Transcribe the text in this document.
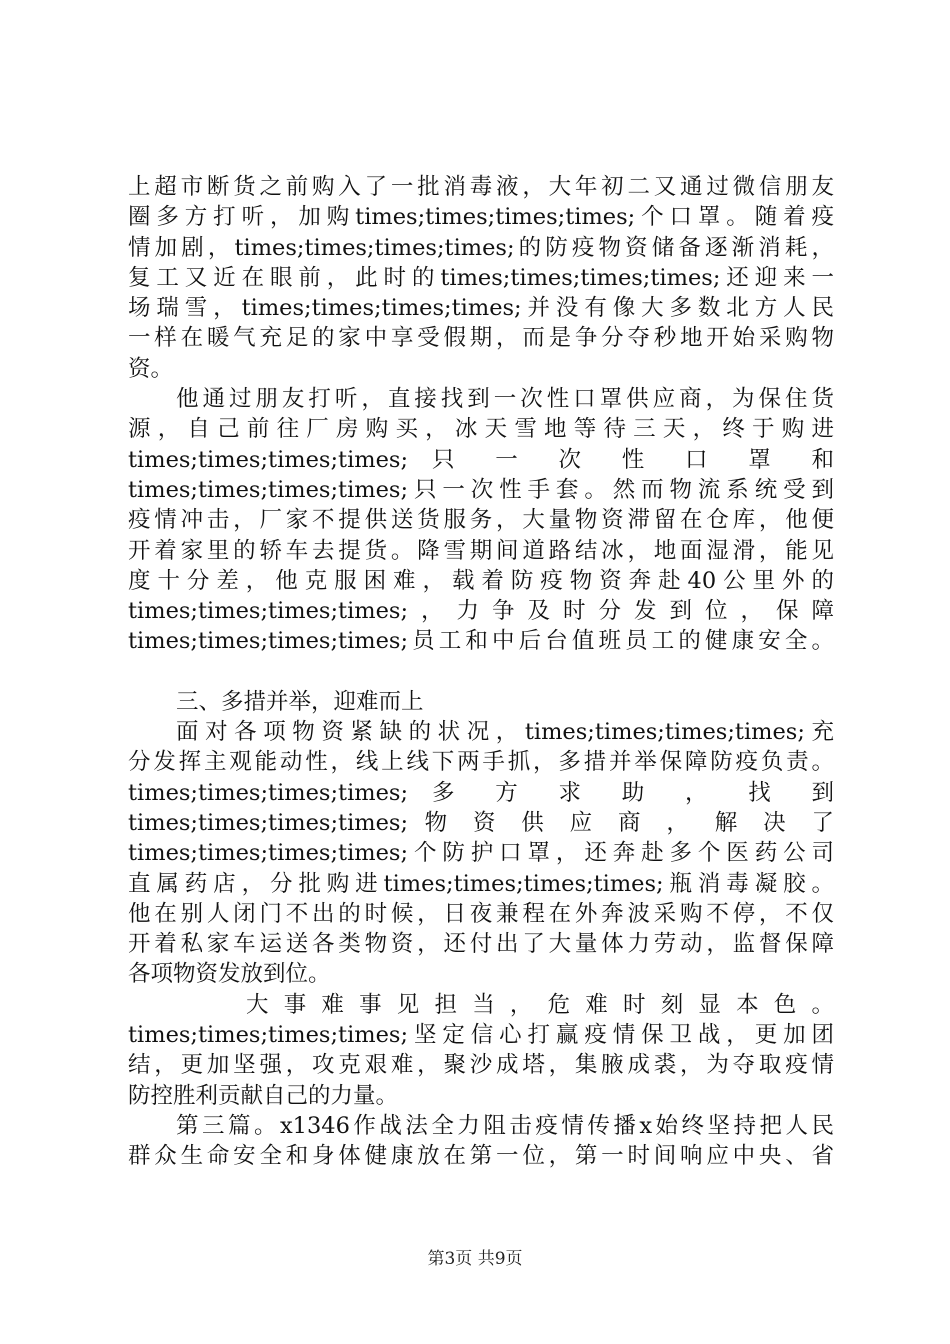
上超市断货之前购入了一批消毒液，大年初二又通过微信朋友
圈多方打听，加购times;times;times;times;个口罩。随着疫
情加剧，times;times;times;times;的防疫物资储备逐渐消耗，
复工又近在眼前，此时的times;times;times;times;还迎来一
场瑞雪，times;times;times;times;并没有像大多数北方人民
一样在暖气充足的家中享受假期，而是争分夺秒地开始采购物
资。
他通过朋友打听，直接找到一次性口罩供应商，为保住货
源，自己前往厂房购买，冰天雪地等待三天，终于购进
times;times;times;times; 只 一 次 性 口 罩 和
times;times;times;times;只一次性手套。然而物流系统受到
疫情冲击，厂家不提供送货服务，大量物资滞留在仓库，他便
开着家里的轿车去提货。降雪期间道路结冰，地面湿滑，能见
度十分差，他克服困难，载着防疫物资奔赴40公里外的
times;times;times;times;，力争及时分发到位，保障
times;times;times;times;员工和中后台值班员工的健康安全。
三、多措并举，迎难而上
面对各项物资紧缺的状况，times;times;times;times;充
分发挥主观能动性，线上线下两手抓，多措并举保障防疫负责。
times;times;times;times; 多 方 求 助 ， 找 到
times;times;times;times; 物 资 供 应 商 ， 解 决 了
times;times;times;times;个防护口罩，还奔赴多个医药公司
直属药店，分批购进times;times;times;times;瓶消毒凝胶。
他在别人闭门不出的时候，日夜兼程在外奔波采购不停，不仅
开着私家车运送各类物资，还付出了大量体力劳动，监督保障
各项物资发放到位。
大事难事见担当，危难时刻显本色。
times;times;times;times;坚定信心打赢疫情保卫战，更加团
结，更加坚强，攻克艰难，聚沙成塔，集腋成裘，为夺取疫情
防控胜利贡献自己的力量。
第三篇。x1346作战法全力阻击疫情传播x始终坚持把人民
群众生命安全和身体健康放在第一位，第一时间响应中央、省
第3页 共9页
